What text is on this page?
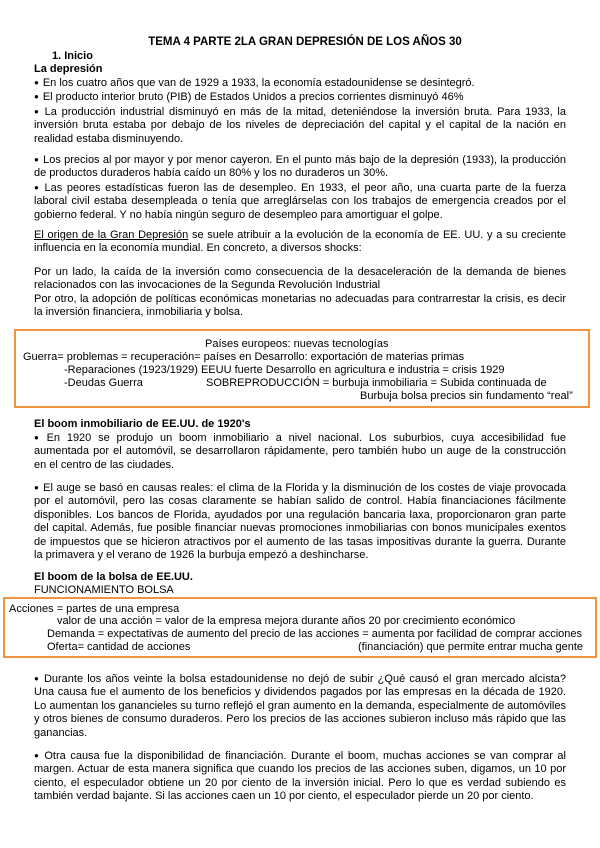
TEMA 4 PARTE 2LA GRAN DEPRESIÓN DE LOS AÑOS 30
1. Inicio
La depresión

● En los cuatro años que van de 1929 a 1933, la economía estadounidense se desintegró.

● El producto interior bruto (PIB) de Estados Unidos a precios corrientes disminuyó 46%

● La producción industrial disminuyó en más de la mitad, deteniéndose la inversión bruta. Para 1933, la inversión bruta estaba por debajo de los niveles de depreciación del capital y el capital de la nación en realidad estaba disminuyendo.

● Los precios al por mayor y por menor cayeron. En el punto más bajo de la depresión (1933), la producción de productos duraderos había caído un 80% y los no duraderos un 30%.

● Las peores estadísticas fueron las de desempleo. En 1933, el peor año, una cuarta parte de la fuerza laboral civil estaba desempleada o tenía que arreglárselas con los trabajos de emergencia creados por el gobierno federal. Y no había ningún seguro de desempleo para amortiguar el golpe.

El origen de la Gran Depresión se suele atribuir a la evolución de la economía de EE. UU. y a su creciente influencia en la economía mundial. En concreto, a diversos shocks:

Por un lado, la caída de la inversión como consecuencia de la desaceleración de la demanda de bienes relacionados con las invocaciones de la Segunda Revolución Industrial

Por otro, la adopción de políticas económicas monetarias no adecuadas para contrarrestar la crisis, es decir la inversión financiera, inmobiliaria y bolsa.

Países europeos: nuevas tecnologías
Guerra= problemas = recuperación= países en Desarrollo: exportación de materias primas
-Reparaciones (1923/1929) EEUU fuerte Desarrollo en agricultura e industria = crisis 1929
-Deudas Guerra	SOBREPRODUCCIÓN = burbuja inmobiliaria = Subida continuada de
Burbuja bolsa precios sin fundamento “real”
El boom inmobiliario de EE.UU. de 1920's

● En 1920 se produjo un boom inmobiliario a nivel nacional. Los suburbios, cuya accesibilidad fue aumentada por el automóvil, se desarrollaron rápidamente, pero también hubo un auge de la construcción en el centro de las ciudades.

● El auge se basó en causas reales: el clima de la Florida y la disminución de los costes de viaje provocada por el automóvil, pero las cosas claramente se habían salido de control. Había financiaciones fácilmente disponibles. Los bancos de Florida, ayudados por una regulación bancaria laxa, proporcionaron gran parte del capital. Además, fue posible financiar nuevas promociones inmobiliarias con bonos municipales exentos de impuestos que se hicieron atractivos por el aumento de las tasas impositivas durante la guerra. Durante la primavera y el verano de 1926 la burbuja empezó a deshincharse.

El boom de la bolsa de EE.UU.
FUNCIONAMIENTO BOLSA
Acciones = partes de una empresa
valor de una acción = valor de la empresa mejora durante años 20 por crecimiento económico
Demanda = expectativas de aumento del precio de las acciones = aumenta por facilidad de comprar acciones
Oferta= cantidad de acciones	(financiación) que permite entrar mucha gente

● Durante los años veinte la bolsa estadounidense no dejó de subir ¿Qué causó el gran mercado alcista? Una causa fue el aumento de los beneficios y dividendos pagados por las empresas en la década de 1920. Lo aumentan los ganancieles su turno reflejó el gran aumento en la demanda, especialmente de automóviles y otros bienes de consumo duraderos. Pero los precios de las acciones subieron incluso más rápido que las ganancias.

● Otra causa fue la disponibilidad de financiación. Durante el boom, muchas acciones se van comprar al margen. Actuar de esta manera significa que cuando los precios de las acciones suben, digamos, un 10 por ciento, el especulador obtiene un 20 por ciento de la inversión inicial. Pero lo que es verdad subiendo es también verdad bajante. Si las acciones caen un 10 por ciento, el especulador pierde un 20 por ciento.
